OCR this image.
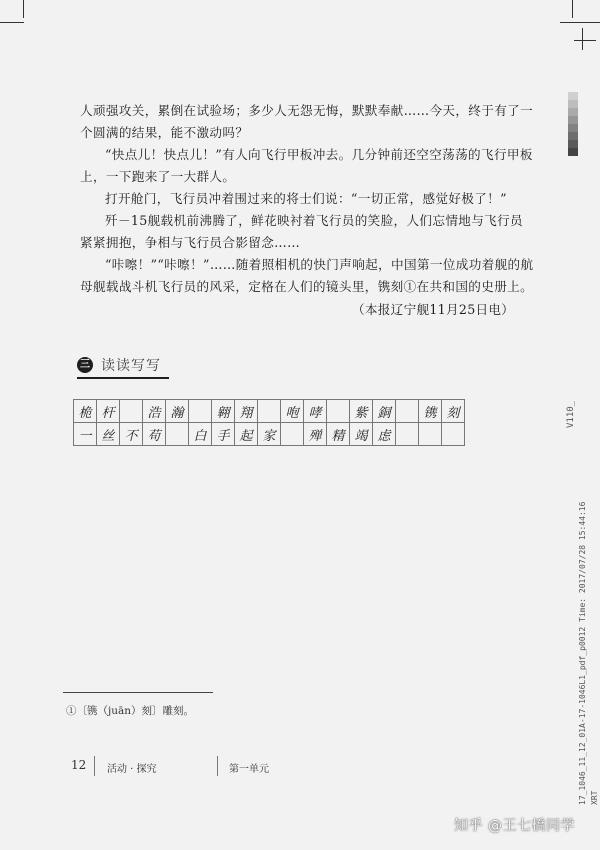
人顽强攻关，累倒在试验场；多少人无怨无悔，默默奉献……今天，终于有了一个圆满的结果，能不激动吗？

“快点儿！快点儿！”有人向飞行甲板冲去。几分钟前还空空荡荡的飞行甲板上，一下跑来了一大群人。

打开舱门，飞行员冲着围过来的将士们说：“一切正常，感觉好极了！”

歼－15舰载机前沸腾了，鲜花映衬着飞行员的笑脸，人们忘情地与飞行员紧紧拥抱，争相与飞行员合影留念……

“咔嚓！”“咔嚓！”……随着照相机的快门声响起，中国第一位成功着舰的航母舰载战斗机飞行员的风采，定格在人们的镜头里，镌刻①在共和国的史册上。

（本报辽宁舰11月25日电）
三 读读写写
桅	杆		浩	瀚		翱	翔		咆	哮		紫	銅		镌	刻
一	丝	不	苟		白	手	起	家		殚	精	竭	虑			
①〔镌（juān）刻〕雕刻。
12 活动 · 探究	第一单元
V110_
17_1046_11_12_01A-17-1046L1_pdf_p0012 Time: 2017/07/28 15:44:16 XRT
知乎 @王七橋同学
